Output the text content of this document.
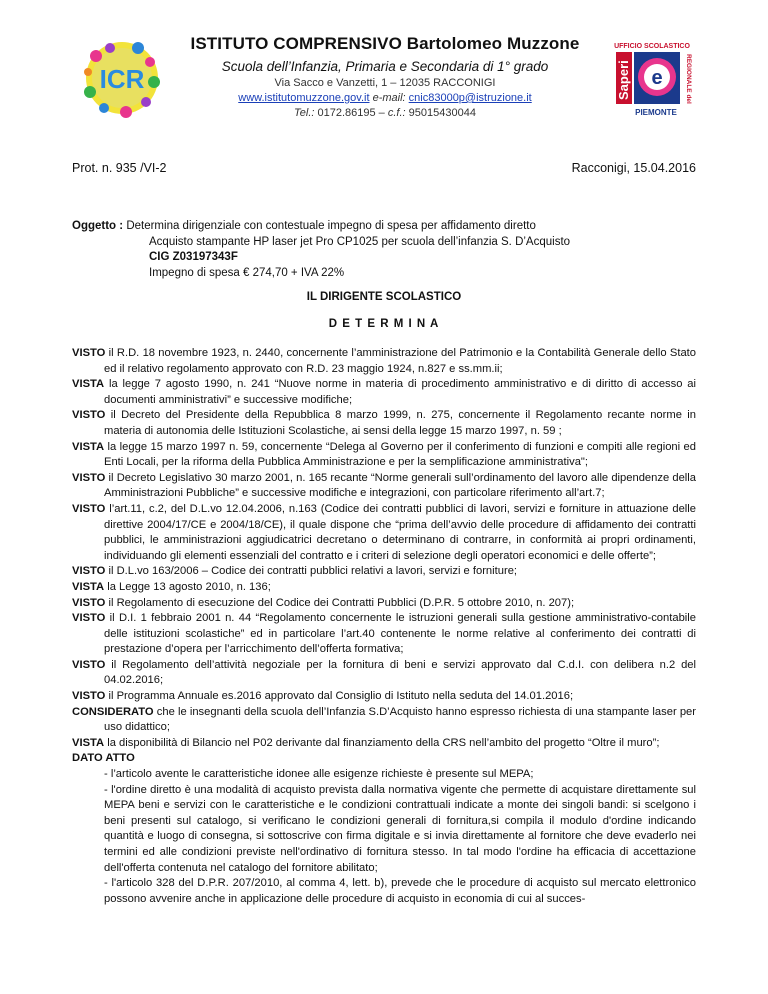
ICR
ISTITUTO COMPRENSIVO Bartolomeo Muzzone
Scuola dell’Infanzia, Primaria e Secondaria di 1° grado
Via Sacco e Vanzetti, 1 – 12035 RACCONIGI
www.istitutomuzzone.gov.it e-mail: cnic83000p@istruzione.it
Tel.: 0172.86195 – c.f.: 95015430044
UFFICIO SCOLASTICO
Saperi e	REGIONALE del
PIEMONTE
Prot. n. 935 /VI-2	Racconigi, 15.04.2016
Oggetto : Determina dirigenziale con contestuale impegno di spesa per affidamento diretto
Acquisto stampante HP laser jet Pro CP1025 per scuola dell’infanzia S. D’Acquisto
CIG Z03197343F
Impegno di spesa € 274,70 + IVA 22%
IL DIRIGENTE SCOLASTICO
D E T E R M I N A

VISTO il R.D. 18 novembre 1923, n. 2440, concernente l’amministrazione del Patrimonio e la Contabilità Generale dello Stato ed il relativo regolamento approvato con R.D. 23 maggio 1924, n.827 e ss.mm.ii;

VISTA la legge 7 agosto 1990, n. 241 “Nuove norme in materia di procedimento amministrativo e di diritto di accesso ai documenti amministrativi” e successive modifiche;

VISTO il Decreto del Presidente della Repubblica 8 marzo 1999, n. 275, concernente il Regolamento recante norme in materia di autonomia delle Istituzioni Scolastiche, ai sensi della legge 15 marzo 1997, n. 59 ;

VISTA la legge 15 marzo 1997 n. 59, concernente “Delega al Governo per il conferimento di funzioni e compiti alle regioni ed Enti Locali, per la riforma della Pubblica Amministrazione e per la semplificazione amministrativa";

VISTO il Decreto Legislativo 30 marzo 2001, n. 165 recante “Norme generali sull’ordinamento del lavoro alle dipendenze della Amministrazioni Pubbliche” e successive modifiche e integrazioni, con particolare riferimento all’art.7;

VISTO l’art.11, c.2, del D.L.vo 12.04.2006, n.163 (Codice dei contratti pubblici di lavori, servizi e forniture in attuazione delle direttive 2004/17/CE e 2004/18/CE), il quale dispone che “prima dell’avvio delle procedure di affidamento dei contratti pubblici, le amministrazioni aggiudicatrici decretano o determinano di contrarre, in conformità ai propri ordinamenti, individuando gli elementi essenziali del contratto e i criteri di selezione degli operatori economici e delle offerte”;

VISTO il D.L.vo 163/2006 – Codice dei contratti pubblici relativi a lavori, servizi e forniture;

VISTA la Legge 13 agosto 2010, n. 136;

VISTO il Regolamento di esecuzione del Codice dei Contratti Pubblici (D.P.R. 5 ottobre 2010, n. 207);

VISTO il D.I. 1 febbraio 2001 n. 44 “Regolamento concernente le istruzioni generali sulla gestione amministrativo-contabile delle istituzioni scolastiche” ed in particolare l’art.40 contenente le norme relative al conferimento dei contratti di prestazione d’opera per l’arricchimento dell’offerta formativa;

VISTO il Regolamento dell’attività negoziale per la fornitura di beni e servizi approvato dal C.d.I. con delibera n.2 del 04.02.2016;

VISTO il Programma Annuale es.2016 approvato dal Consiglio di Istituto nella seduta del 14.01.2016;

CONSIDERATO che le insegnanti della scuola dell’Infanzia S.D’Acquisto hanno espresso richiesta di una stampante laser per uso didattico;

VISTA la disponibilità di Bilancio nel P02 derivante dal finanziamento della CRS nell’ambito del progetto “Oltre il muro”;

DATO ATTO

- l’articolo avente le caratteristiche idonee alle esigenze richieste è presente sul MEPA;

- l'ordine diretto è una modalità di acquisto prevista dalla normativa vigente che permette di acquistare direttamente sul MEPA beni e servizi con le caratteristiche e le condizioni contrattuali indicate a monte dei singoli bandi: si scelgono i beni presenti sul catalogo, si verificano le condizioni generali di fornitura,si compila il modulo d'ordine indicando quantità e luogo di consegna, si sottoscrive con firma digitale e si invia direttamente al fornitore che deve evaderlo nei termini ed alle condizioni previste nell'ordinativo di fornitura stesso. In tal modo l'ordine ha efficacia di accettazione dell'offerta contenuta nel catalogo del fornitore abilitato;

- l'articolo 328 del D.P.R. 207/2010, al comma 4, lett. b), prevede che le procedure di acquisto sul mercato elettronico possono avvenire anche in applicazione delle procedure di acquisto in economia di cui al succes-
